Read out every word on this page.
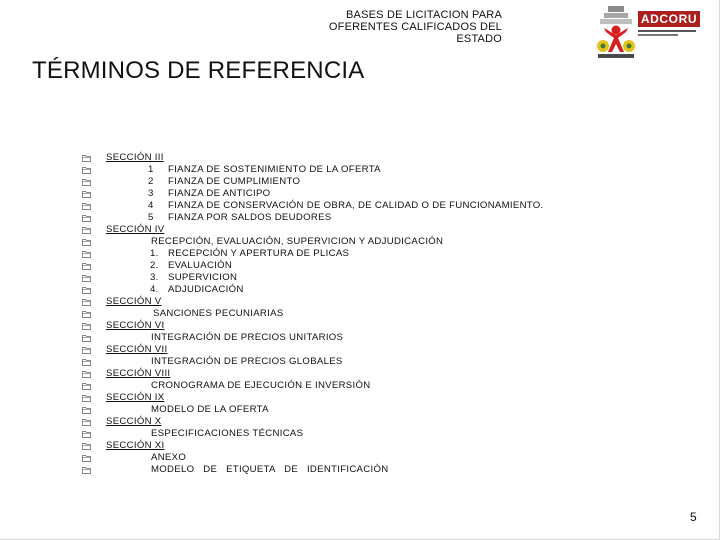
BASES DE LICITACION PARA
OFERENTES CALIFICADOS DEL
ESTADO
ADCORU
TÉRMINOS DE REFERENCIA
SECCIÓN III
1 FIANZA DE SOSTENIMIENTO DE LA OFERTA
2 FIANZA DE CUMPLIMIENTO
3 FIANZA DE ANTICIPO
4 FIANZA DE CONSERVACIÓN DE OBRA, DE CALIDAD O DE FUNCIONAMIENTO.
5 FIANZA POR SALDOS DEUDORES
SECCIÓN IV
RECEPCIÓN, EVALUACIÓN, SUPERVICION Y ADJUDICACIÓN
1. RECEPCIÓN Y APERTURA DE PLICAS
2. EVALUACIÓN
3. SUPERVICION
4. ADJUDICACIÓN
SECCIÓN V
SANCIONES PECUNIARIAS
SECCIÓN VI
INTEGRACIÓN DE PRECIOS UNITARIOS
SECCIÓN VII
INTEGRACIÓN DE PRECIOS GLOBALES
SECCIÓN VIII
CRONOGRAMA DE EJECUCIÓN E INVERSIÓN
SECCIÓN IX
MODELO DE LA OFERTA
SECCIÓN X
ESPECIFICACIONES TÉCNICAS
SECCIÓN XI
ANEXO
MODELO   DE   ETIQUETA   DE   IDENTIFICACIÓN
5
